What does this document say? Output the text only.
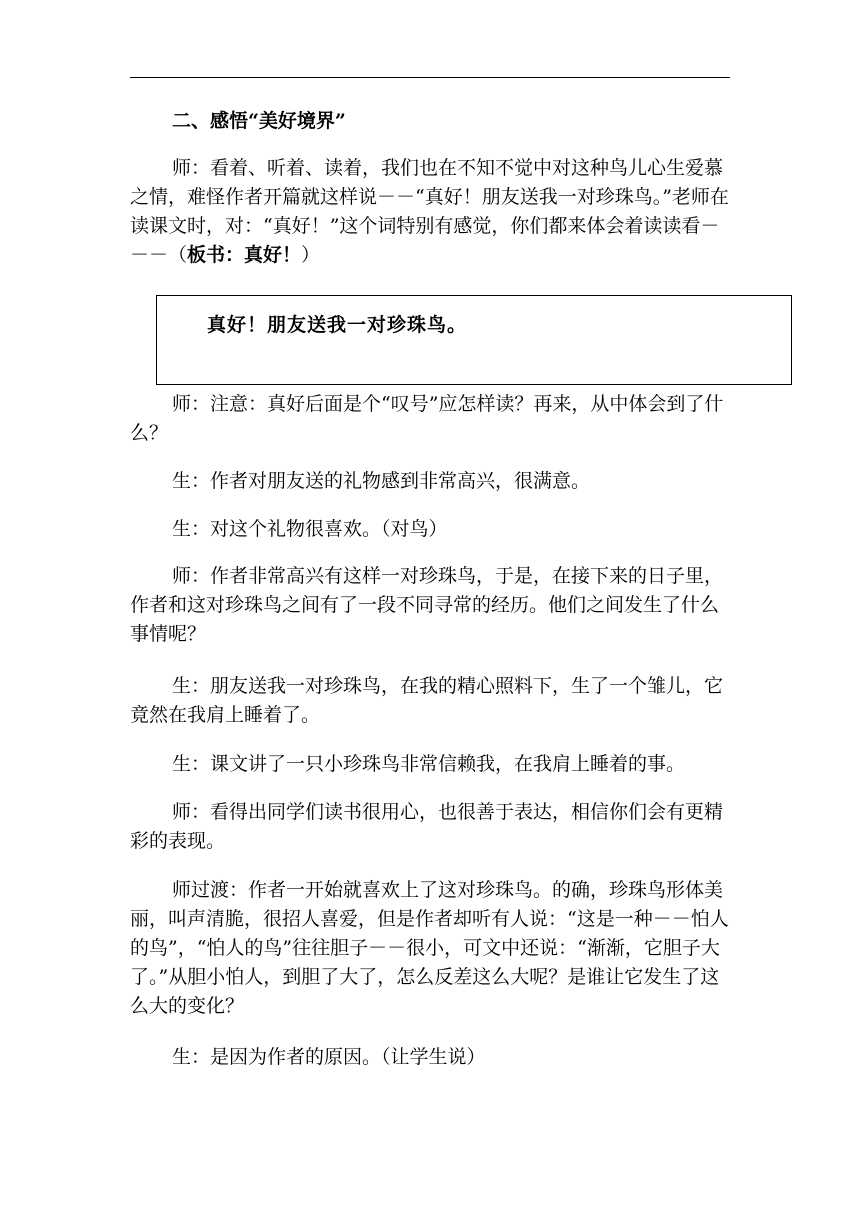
二、感悟“美好境界”

师：看着、听着、读着，我们也在不知不觉中对这种鸟儿心生爱慕之情，难怪作者开篇就这样说－－“真好！朋友送我一对珍珠鸟。”老师在读课文时，对：“真好！”这个词特别有感觉，你们都来体会着读读看－－－（板书：真好！）

真好！朋友送我一对珍珠鸟。

师：注意：真好后面是个“叹号”应怎样读？再来，从中体会到了什么？

生：作者对朋友送的礼物感到非常高兴，很满意。

生：对这个礼物很喜欢。（对鸟）

师：作者非常高兴有这样一对珍珠鸟，于是，在接下来的日子里，作者和这对珍珠鸟之间有了一段不同寻常的经历。他们之间发生了什么事情呢？

生：朋友送我一对珍珠鸟，在我的精心照料下，生了一个雏儿，它竟然在我肩上睡着了。

生：课文讲了一只小珍珠鸟非常信赖我，在我肩上睡着的事。

师：看得出同学们读书很用心，也很善于表达，相信你们会有更精彩的表现。

师过渡：作者一开始就喜欢上了这对珍珠鸟。的确，珍珠鸟形体美丽，叫声清脆，很招人喜爱，但是作者却听有人说：“这是一种－－怕人的鸟”，“怕人的鸟”往往胆子－－很小，可文中还说：“渐渐，它胆子大了。”从胆小怕人，到胆了大了，怎么反差这么大呢？是谁让它发生了这么大的变化？

生：是因为作者的原因。（让学生说）
